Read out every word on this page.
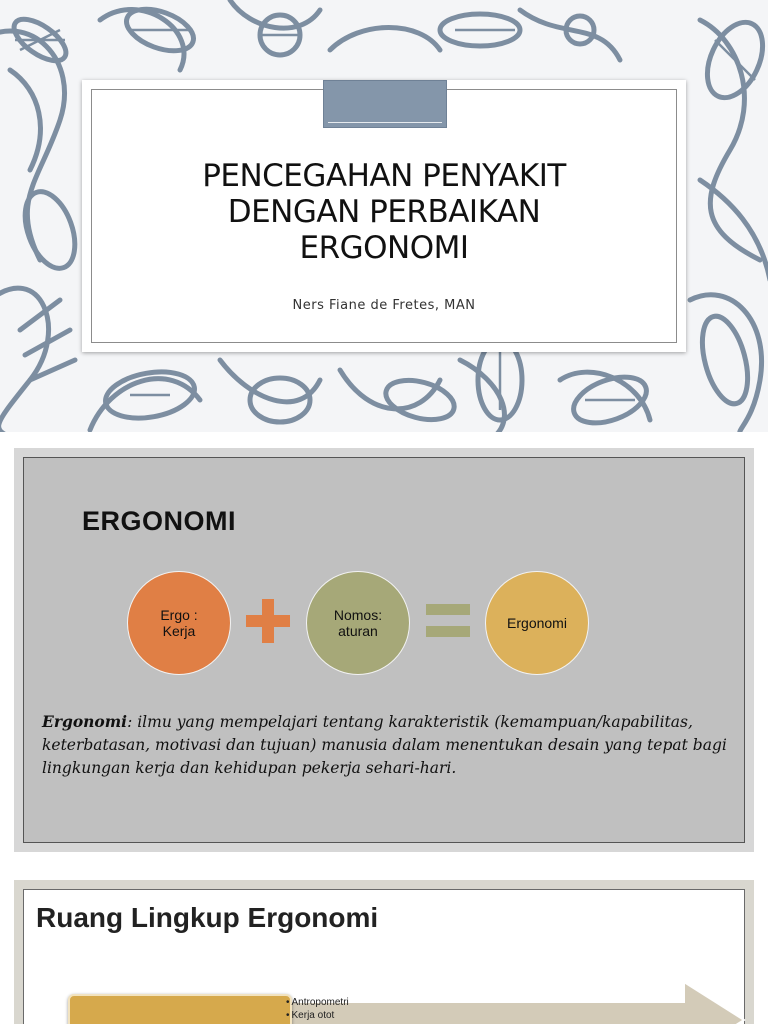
PENCEGAHAN PENYAKIT
DENGAN PERBAIKAN
ERGONOMI
Ners Fiane de Fretes, MAN
ERGONOMI
Ergo :
Kerja
Nomos:
aturan	Ergonomi

Ergonomi: ilmu yang mempelajari tentang karakteristik (kemampuan/kapabilitas, keterbatasan, motivasi dan tujuan) manusia dalam menentukan desain yang tepat bagi lingkungan kerja dan kehidupan pekerja sehari-hari.

Ruang Lingkup Ergonomi
• Antropometri
• Kerja otot
